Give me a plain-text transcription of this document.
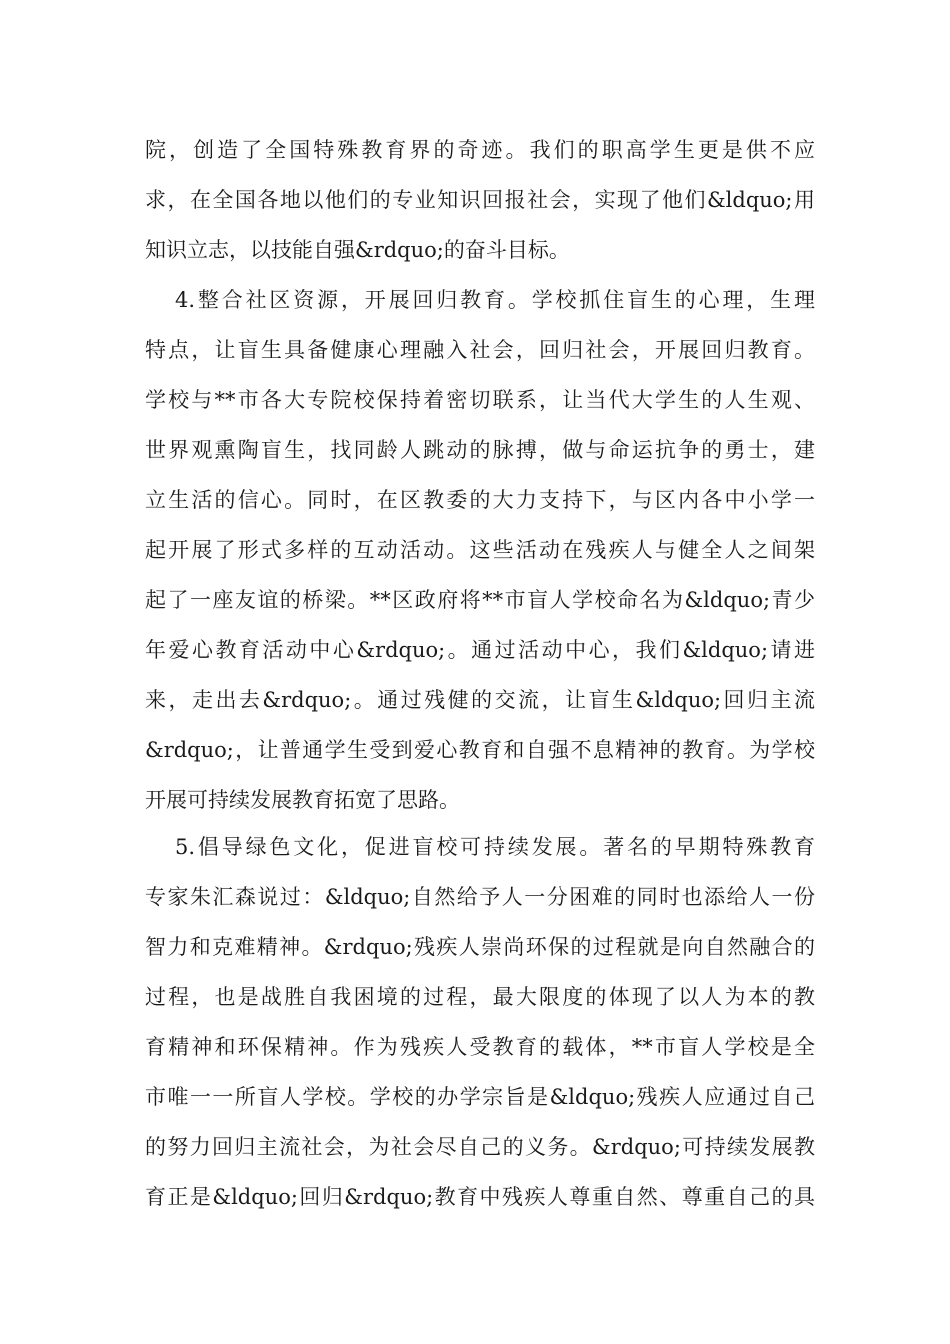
院，创造了全国特殊教育界的奇迹。我们的职高学生更是供不应
求，在全国各地以他们的专业知识回报社会，实现了他们&ldquo;用
知识立志，以技能自强&rdquo;的奋斗目标。
4.整合社区资源，开展回归教育。学校抓住盲生的心理，生理
特点，让盲生具备健康心理融入社会，回归社会，开展回归教育。
学校与**市各大专院校保持着密切联系，让当代大学生的人生观、
世界观熏陶盲生，找同龄人跳动的脉搏，做与命运抗争的勇士，建
立生活的信心。同时，在区教委的大力支持下，与区内各中小学一
起开展了形式多样的互动活动。这些活动在残疾人与健全人之间架
起了一座友谊的桥梁。**区政府将**市盲人学校命名为&ldquo;青少
年爱心教育活动中心&rdquo;。通过活动中心，我们&ldquo;请进
来，走出去&rdquo;。通过残健的交流，让盲生&ldquo;回归主流
&rdquo;，让普通学生受到爱心教育和自强不息精神的教育。为学校
开展可持续发展教育拓宽了思路。
5.倡导绿色文化，促进盲校可持续发展。著名的早期特殊教育
专家朱汇森说过：&ldquo;自然给予人一分困难的同时也添给人一份
智力和克难精神。&rdquo;残疾人崇尚环保的过程就是向自然融合的
过程，也是战胜自我困境的过程，最大限度的体现了以人为本的教
育精神和环保精神。作为残疾人受教育的载体，**市盲人学校是全
市唯一一所盲人学校。学校的办学宗旨是&ldquo;残疾人应通过自己
的努力回归主流社会，为社会尽自己的义务。&rdquo;可持续发展教
育正是&ldquo;回归&rdquo;教育中残疾人尊重自然、尊重自己的具
